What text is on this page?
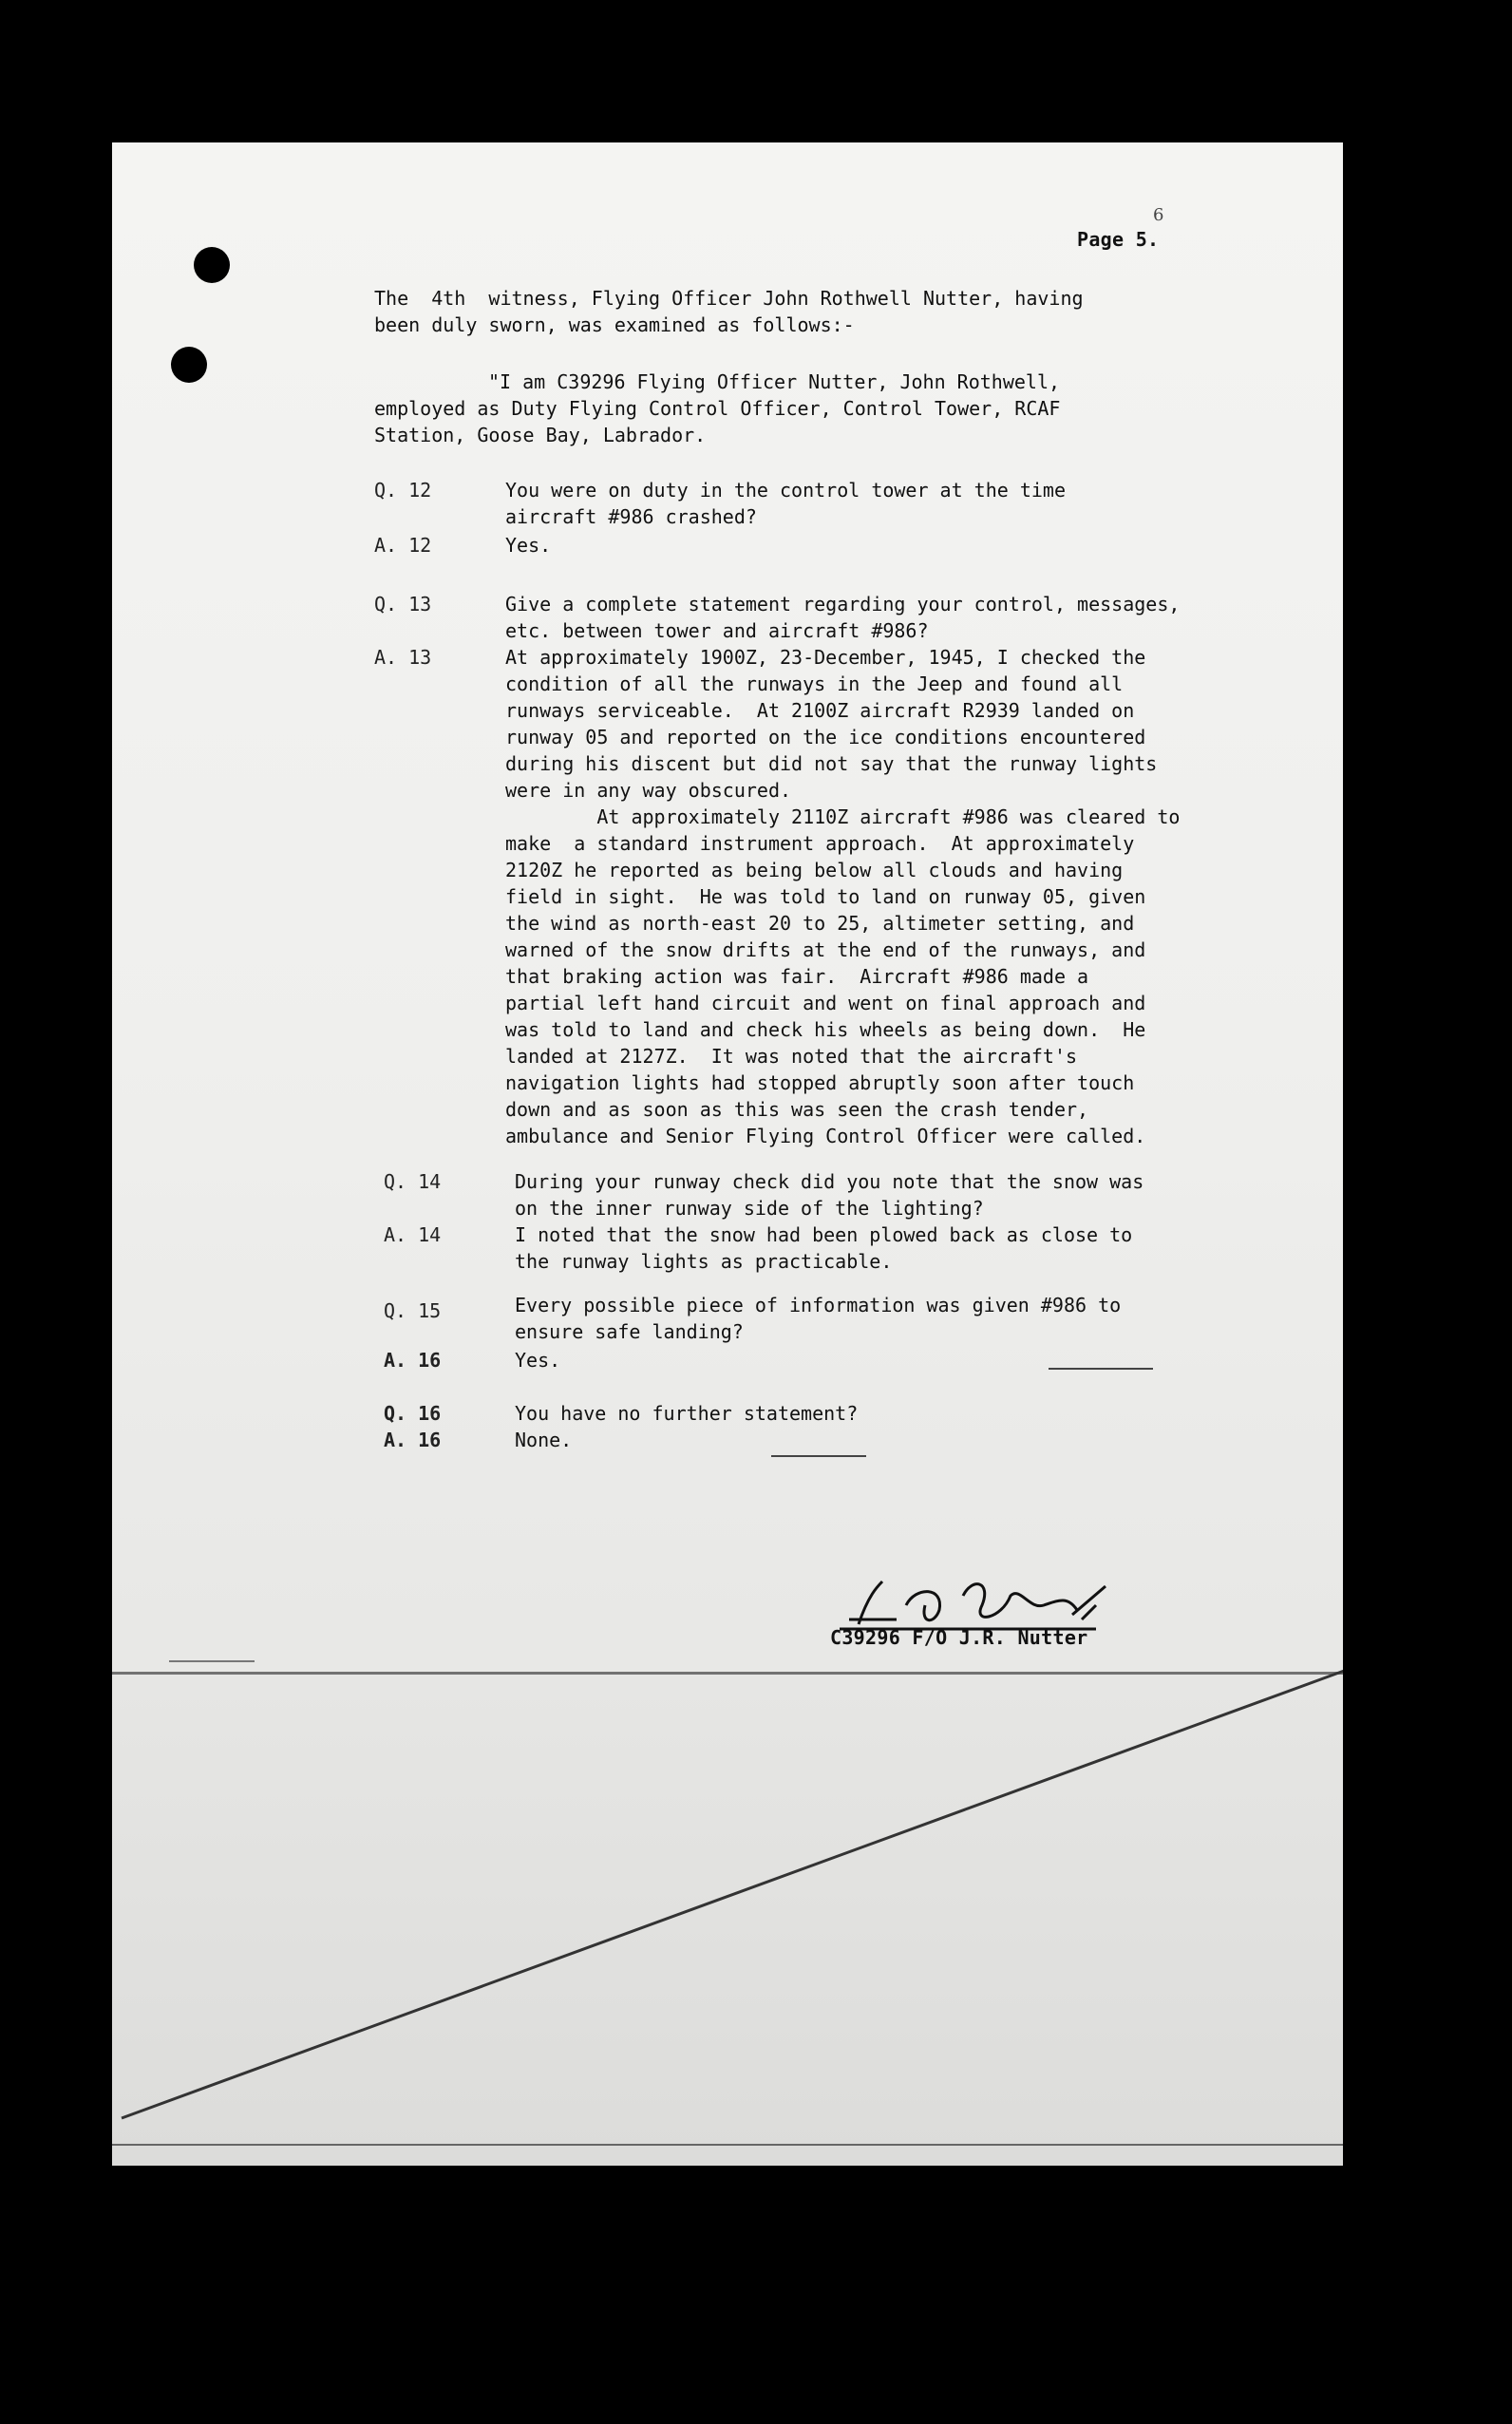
6
Page 5.
The  4th  witness, Flying Officer John Rothwell Nutter, having
been duly sworn, was examined as follows:-
"I am C39296 Flying Officer Nutter, John Rothwell,
employed as Duty Flying Control Officer, Control Tower, RCAF
Station, Goose Bay, Labrador.
Q. 12	You were on duty in the control tower at the time
aircraft #986 crashed?
A. 12	Yes.
Q. 13	Give a complete statement regarding your control, messages,
etc. between tower and aircraft #986?
A. 13	At approximately 1900Z, 23-December, 1945, I checked the
condition of all the runways in the Jeep and found all
runways serviceable.  At 2100Z aircraft R2939 landed on
runway 05 and reported on the ice conditions encountered
during his discent but did not say that the runway lights
were in any way obscured.
At approximately 2110Z aircraft #986 was cleared to
make  a standard instrument approach.  At approximately
2120Z he reported as being below all clouds and having
field in sight.  He was told to land on runway 05, given
the wind as north-east 20 to 25, altimeter setting, and
warned of the snow drifts at the end of the runways, and
that braking action was fair.  Aircraft #986 made a
partial left hand circuit and went on final approach and
was told to land and check his wheels as being down.  He
landed at 2127Z.  It was noted that the aircraft's
navigation lights had stopped abruptly soon after touch
down and as soon as this was seen the crash tender,
ambulance and Senior Flying Control Officer were called.
Q. 14	During your runway check did you note that the snow was
on the inner runway side of the lighting?
A. 14	I noted that the snow had been plowed back as close to
the runway lights as practicable.
Q. 15	Every possible piece of information was given #986 to
ensure safe landing?
A. 16	Yes.
Q. 16	You have no further statement?
A. 16	None.
C39296 F/O J.R. Nutter
